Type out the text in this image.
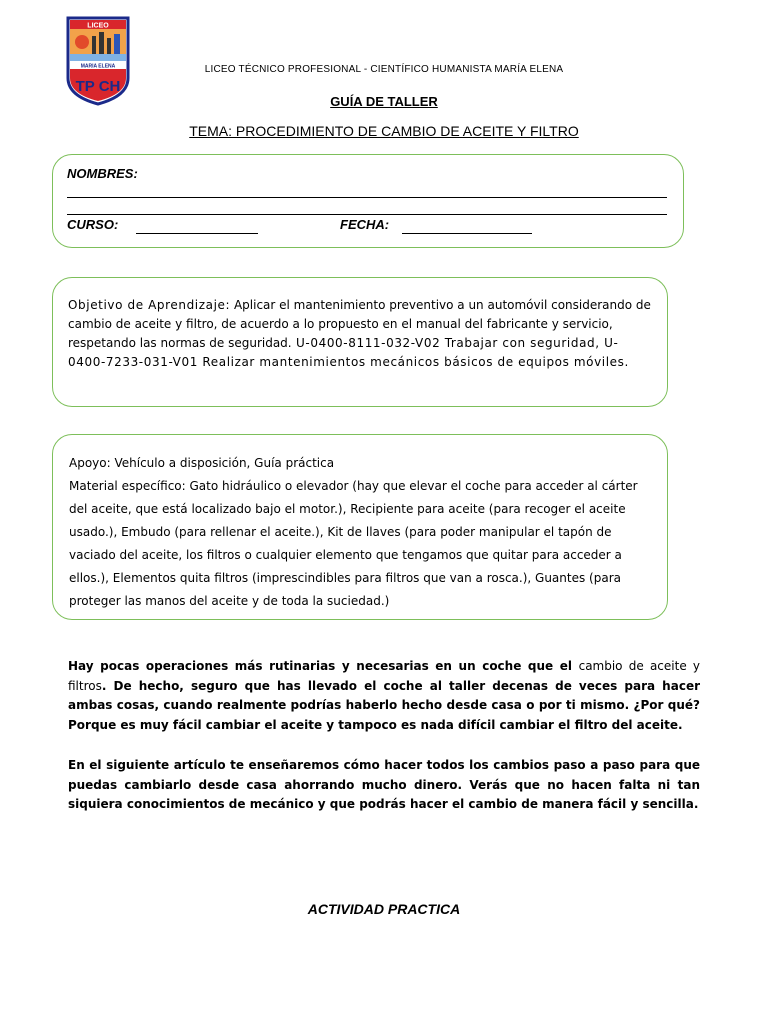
LICEO
MARIA ELENA
TP CH
LICEO TÉCNICO PROFESIONAL - CIENTÍFICO HUMANISTA MARÍA ELENA
GUÍA DE TALLER
TEMA: PROCEDIMIENTO DE CAMBIO DE ACEITE Y FILTRO
NOMBRES:
CURSO:	FECHA:
Objetivo de Aprendizaje: Aplicar el mantenimiento preventivo a un automóvil considerando de cambio de aceite y filtro, de acuerdo a lo propuesto en el manual del fabricante y servicio, respetando las normas de seguridad. U-0400-8111-032-V02 Trabajar con seguridad, U-0400-7233-031-V01 Realizar mantenimientos mecánicos básicos de equipos móviles.
Apoyo: Vehículo a disposición, Guía práctica
Material específico: Gato hidráulico o elevador (hay que elevar el coche para acceder al cárter del aceite, que está localizado bajo el motor.), Recipiente para aceite (para recoger el aceite usado.), Embudo (para rellenar el aceite.), Kit de llaves (para poder manipular el tapón de vaciado del aceite, los filtros o cualquier elemento que tengamos que quitar para acceder a ellos.), Elementos quita filtros (imprescindibles para filtros que van a rosca.), Guantes (para proteger las manos del aceite y de toda la suciedad.)
Hay pocas operaciones más rutinarias y necesarias en un coche que el cambio de aceite y filtros. De hecho, seguro que has llevado el coche al taller decenas de veces para hacer ambas cosas, cuando realmente podrías haberlo hecho desde casa o por ti mismo. ¿Por qué? Porque es muy fácil cambiar el aceite y tampoco es nada difícil cambiar el filtro del aceite.
En el siguiente artículo te enseñaremos cómo hacer todos los cambios paso a paso para que puedas cambiarlo desde casa ahorrando mucho dinero. Verás que no hacen falta ni tan siquiera conocimientos de mecánico y que podrás hacer el cambio de manera fácil y sencilla.
ACTIVIDAD PRACTICA
